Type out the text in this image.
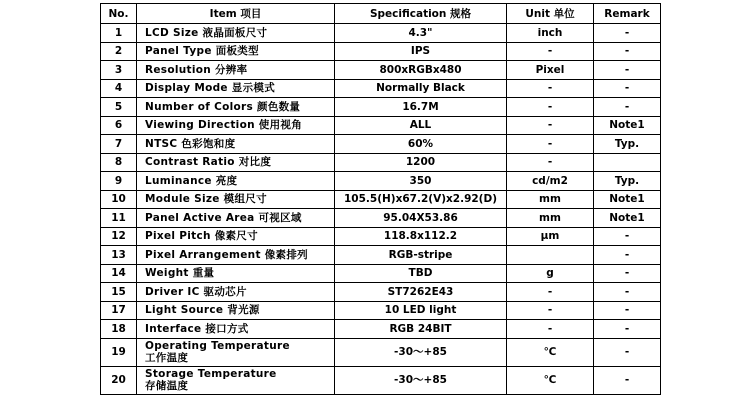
No.	Item 项目	Specification 规格	Unit 单位	Remark
1	LCD Size 液晶面板尺寸	4.3"	inch	-
2	Panel Type 面板类型	IPS	-	-
3	Resolution 分辨率	800xRGBx480	Pixel	-
4	Display Mode 显示模式	Normally Black	-	-
5	Number of Colors 颜色数量	16.7M	-	-
6	Viewing Direction 使用视角	ALL	-	Note1
7	NTSC 色彩饱和度	60%	-	Typ.
8	Contrast Ratio 对比度	1200	-	
9	Luminance 亮度	350	cd/m2	Typ.
10	Module Size 模组尺寸	105.5(H)x67.2(V)x2.92(D)	mm	Note1
11	Panel Active Area 可视区域	95.04X53.86	mm	Note1
12	Pixel Pitch 像素尺寸	118.8x112.2	μm	-
13	Pixel Arrangement 像素排列	RGB-stripe		-
14	Weight 重量	TBD	g	-
15	Driver IC 驱动芯片	ST7262E43	-	-
17	Light Source 背光源	10 LED light	-	-
18	Interface 接口方式	RGB 24BIT	-	-
19	Operating Temperature
工作温度	-30～+85	℃	-
20	Storage Temperature
存储温度	-30～+85	℃	-
